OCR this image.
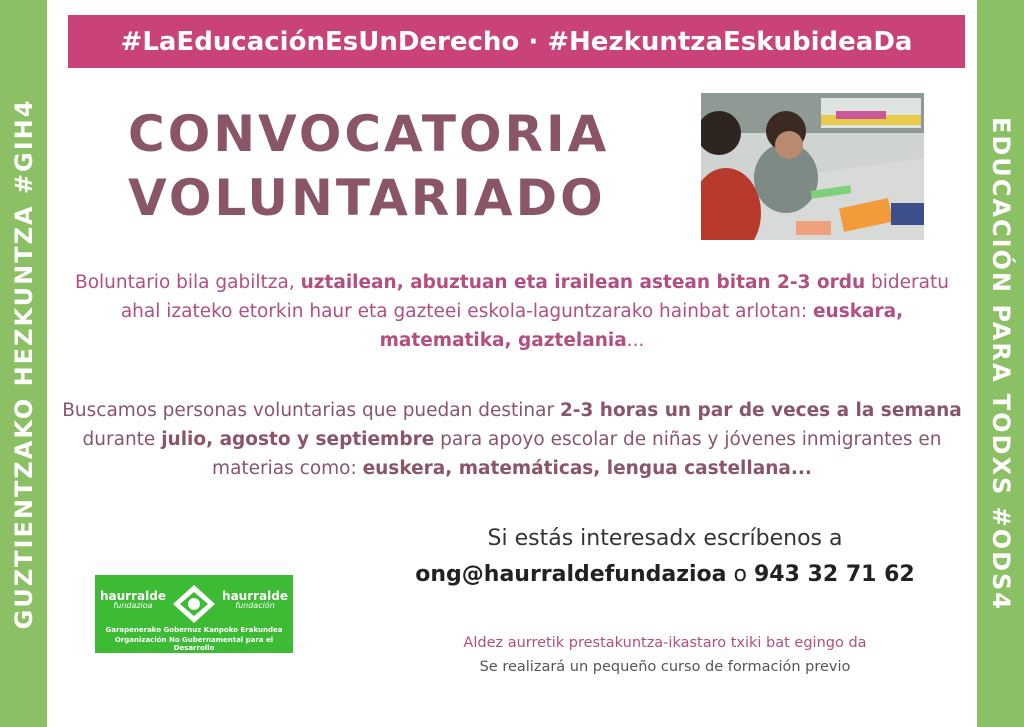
GUZTIENTZAKO HEZKUNTZA #GIH4	EDUCACIÓN PARA TODXS #ODS4
#LaEducaciónEsUnDerecho · #HezkuntzaEskubideaDa
CONVOCATORIA
VOLUNTARIADO
Boluntario bila gabiltza, uztailean, abuztuan eta irailean astean bitan 2-3 ordu bideratu ahal izateko etorkin haur eta gazteei eskola-laguntzarako hainbat arlotan: euskara, matematika, gaztelania...
Buscamos personas voluntarias que puedan destinar 2-3 horas un par de veces a la semana durante julio, agosto y septiembre para apoyo escolar de niñas y jóvenes inmigrantes en materias como: euskera, matemáticas, lengua castellana...
Si estás interesadx escríbenos a
ong@haurraldefundazioa o 943 32 71 62
Aldez aurretik prestakuntza-ikastaro txiki bat egingo da
Se realizará un pequeño curso de formación previo
haurralde
fundazioa
haurralde
fundación
Garapenerako Gobernuz Kanpoko Erakundea
Organización No Gubernamental para el Desarrollo
